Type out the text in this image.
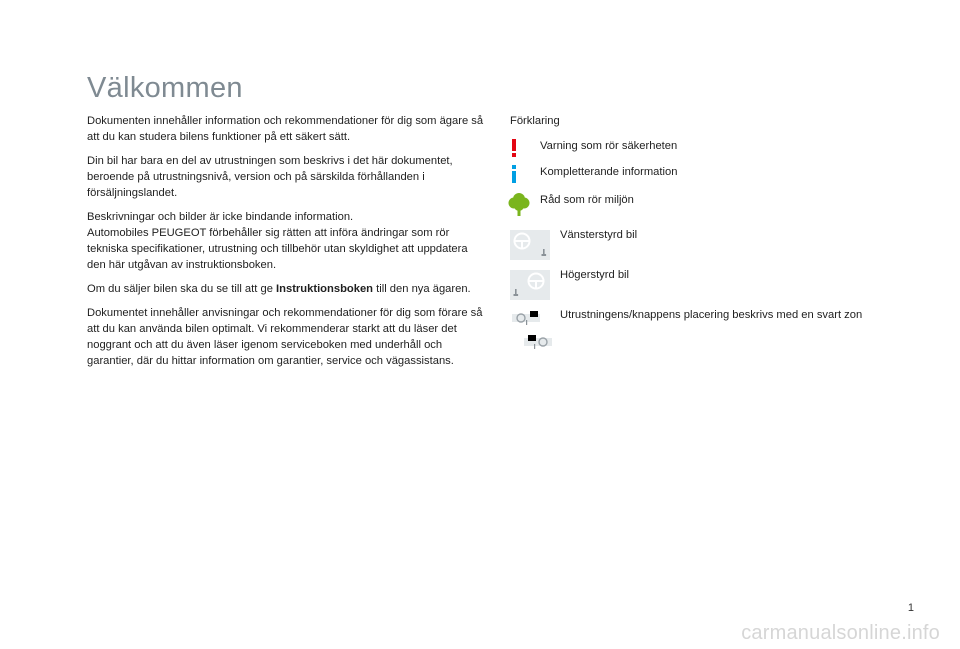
Välkommen

Dokumenten innehåller information och rekommendationer för dig som ägare så att du kan studera bilens funktioner på ett säkert sätt.

Din bil har bara en del av utrustningen som beskrivs i det här dokumentet, beroende på utrustningsnivå, version och på särskilda förhållanden i försäljningslandet.

Beskrivningar och bilder är icke bindande information.
Automobiles PEUGEOT förbehåller sig rätten att införa ändringar som rör tekniska specifikationer, utrustning och tillbehör utan skyldighet att uppdatera den här utgåvan av instruktionsboken.

Om du säljer bilen ska du se till att ge Instruktionsboken till den nya ägaren.

Dokumentet innehåller anvisningar och rekommendationer för dig som förare så att du kan använda bilen optimalt. Vi rekommenderar starkt att du läser det noggrant och att du även läser igenom serviceboken med underhåll och garantier, där du hittar information om garantier, service och vägassistans.

Förklaring
Varning som rör säkerheten
Kompletterande information
Råd som rör miljön
Vänsterstyrd bil
Högerstyrd bil
Utrustningens/knappens placering beskrivs med en svart zon
1
carmanualsonline.info
